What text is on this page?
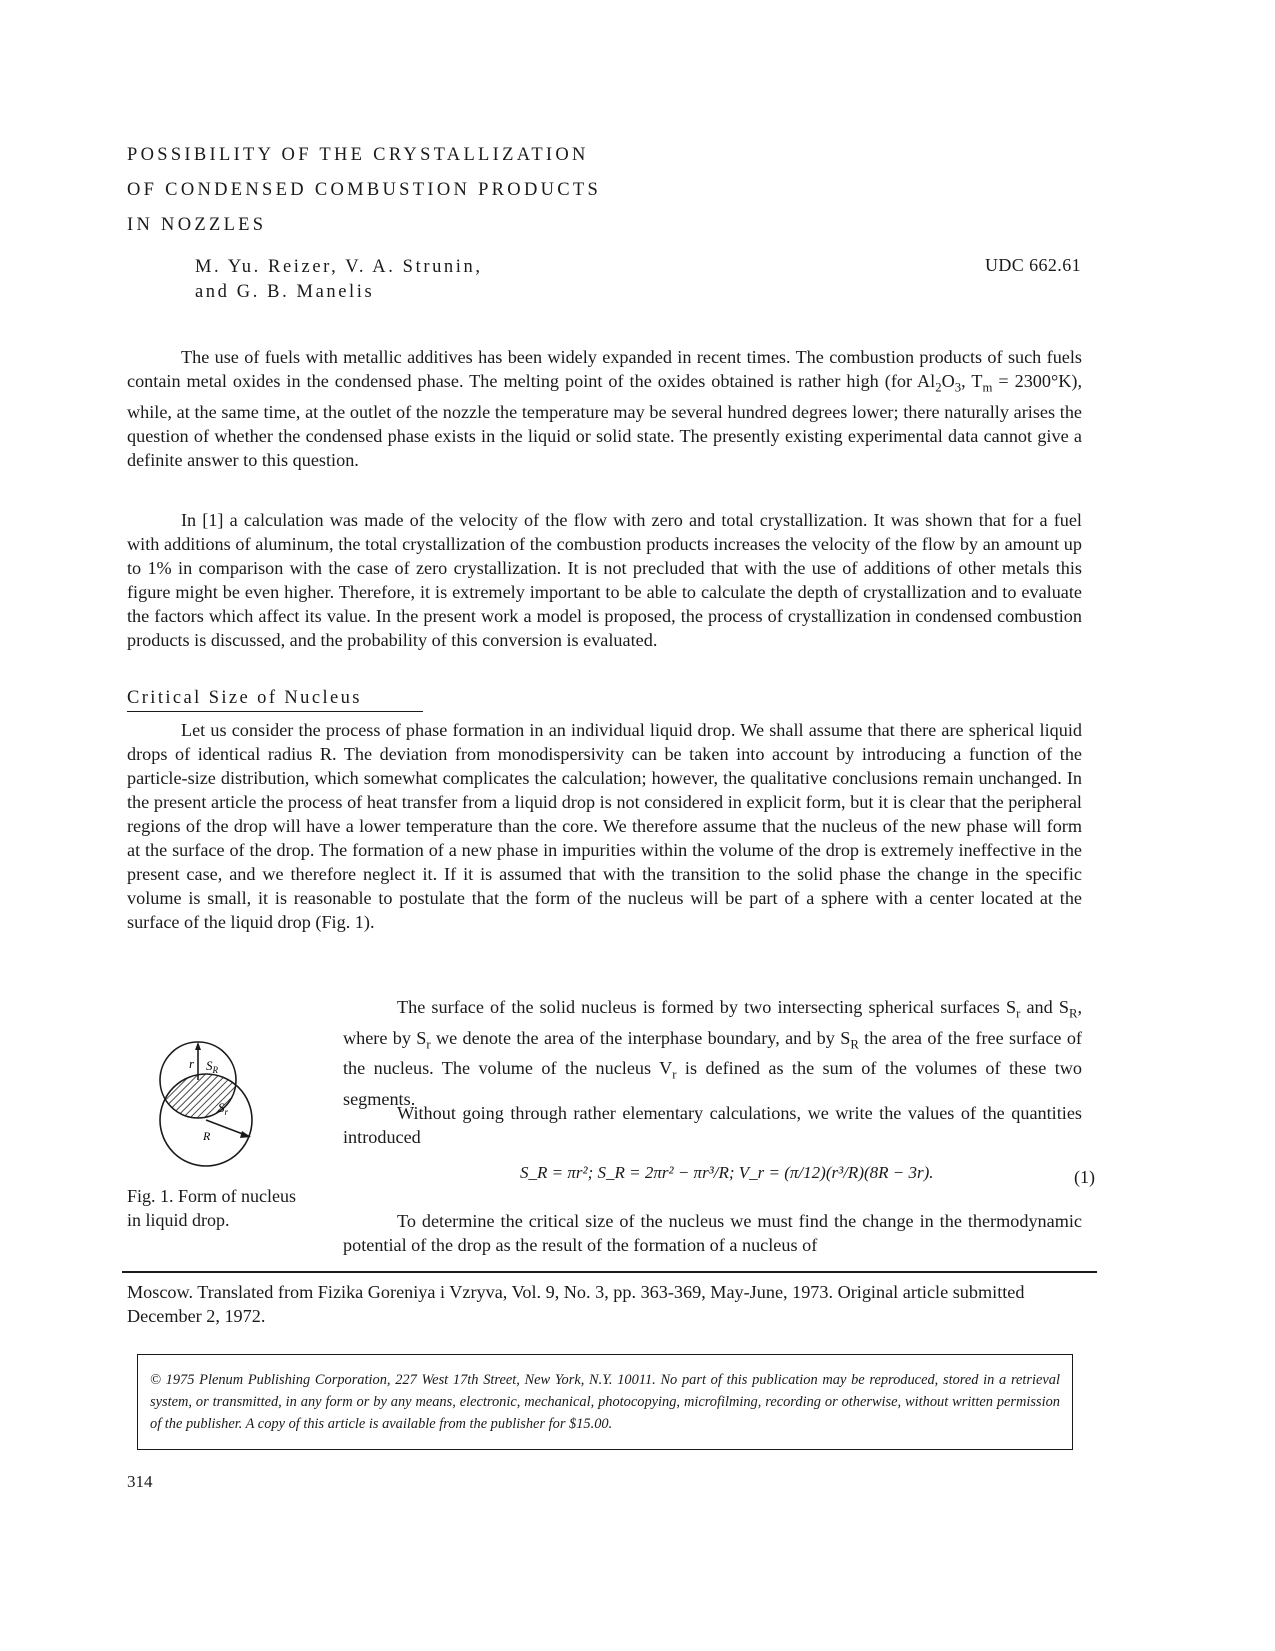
POSSIBILITY OF THE CRYSTALLIZATION
OF CONDENSED COMBUSTION PRODUCTS
IN NOZZLES
M. Yu. Reizer, V. A. Strunin,
and G. B. Manelis
UDC 662.61

The use of fuels with metallic additives has been widely expanded in recent times. The combustion products of such fuels contain metal oxides in the condensed phase. The melting point of the oxides obtained is rather high (for $Al_2O_3$, $T_m = 2300^\circ K$), while, at the same time, at the outlet of the nozzle the temperature may be several hundred degrees lower; there naturally arises the question of whether the condensed phase exists in the liquid or solid state. The presently existing experimental data cannot give a definite answer to this question.

In [1] a calculation was made of the velocity of the flow with zero and total crystallization. It was shown that for a fuel with additions of aluminum, the total crystallization of the combustion products increases the velocity of the flow by an amount up to 1% in comparison with the case of zero crystallization. It is not precluded that with the use of additions of other metals this figure might be even higher. Therefore, it is extremely important to be able to calculate the depth of crystallization and to evaluate the factors which affect its value. In the present work a model is proposed, the process of crystallization in condensed combustion products is discussed, and the probability of this conversion is evaluated.

Critical Size of Nucleus

Let us consider the process of phase formation in an individual liquid drop. We shall assume that there are spherical liquid drops of identical radius R. The deviation from monodispersivity can be taken into account by introducing a function of the particle-size distribution, which somewhat complicates the calculation; however, the qualitative conclusions remain unchanged. In the present article the process of heat transfer from a liquid drop is not considered in explicit form, but it is clear that the peripheral regions of the drop will have a lower temperature than the core. We therefore assume that the nucleus of the new phase will form at the surface of the drop. The formation of a new phase in impurities within the volume of the drop is extremely ineffective in the present case, and we therefore neglect it. If it is assumed that with the transition to the solid phase the change in the specific volume is small, it is reasonable to postulate that the form of the nucleus will be part of a sphere with a center located at the surface of the liquid drop (Fig. 1).

r $S_R$
$S_r$
R
Fig. 1. Form of nucleus in liquid drop.

The surface of the solid nucleus is formed by two intersecting spherical surfaces $S_r$ and $S_R$, where by $S_r$ we denote the area of the interphase boundary, and by $S_R$ the area of the free surface of the nucleus. The volume of the nucleus $V_r$ is defined as the sum of the volumes of these two segments.

Without going through rather elementary calculations, we write the values of the quantities introduced

S_R = πr²; S_R = 2πr² − πr³/R; V_r = (π/12)(r³/R)(8R − 3r).	(1)

To determine the critical size of the nucleus we must find the change in the thermodynamic potential of the drop as the result of the formation of a nucleus of

Moscow. Translated from Fizika Goreniya i Vzryva, Vol. 9, No. 3, pp. 363-369, May-June, 1973. Original article submitted December 2, 1972.
© 1975 Plenum Publishing Corporation, 227 West 17th Street, New York, N.Y. 10011. No part of this publication may be reproduced, stored in a retrieval system, or transmitted, in any form or by any means, electronic, mechanical, photocopying, microfilming, recording or otherwise, without written permission of the publisher. A copy of this article is available from the publisher for $15.00.
314
